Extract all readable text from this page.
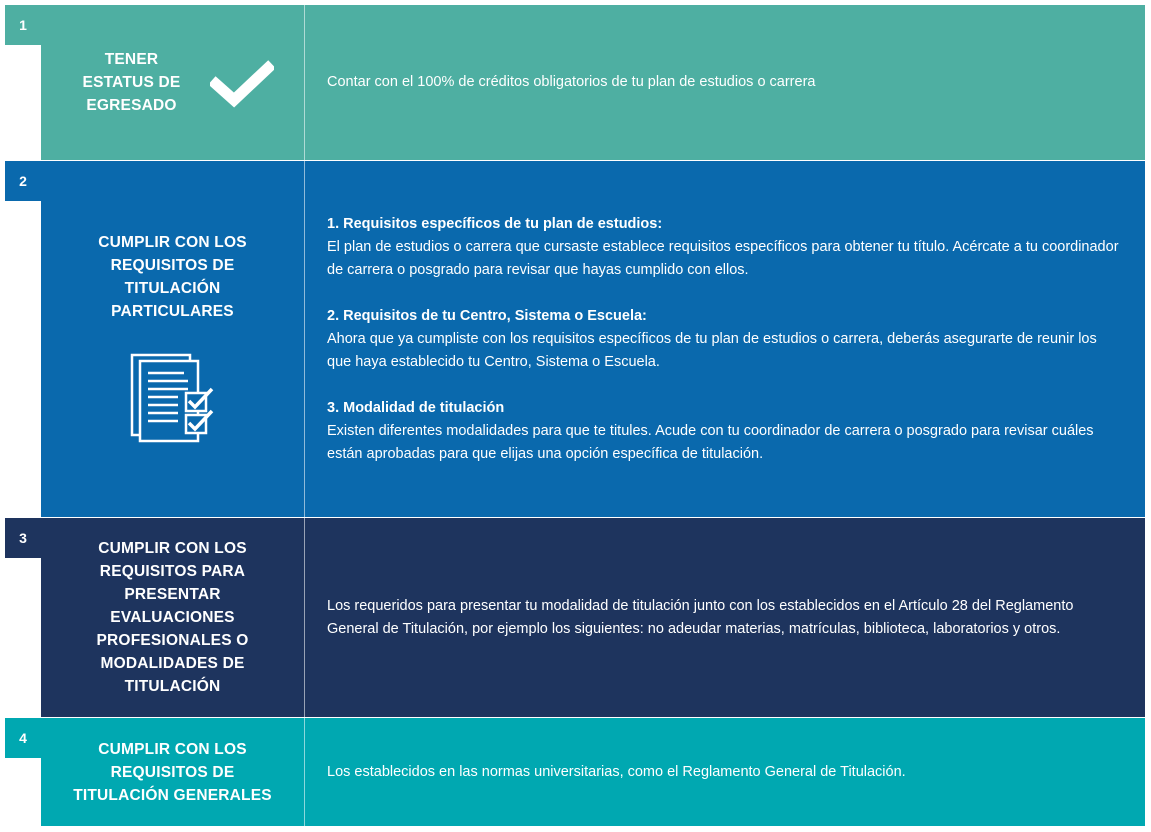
1
2
3
4
TENER
ESTATUS DE
EGRESADO
Contar con el 100% de créditos obligatorios de tu plan de estudios o carrera
CUMPLIR CON LOS
REQUISITOS DE
TITULACIÓN
PARTICULARES
1. Requisitos específicos de tu plan de estudios:
El plan de estudios o carrera que cursaste establece requisitos específicos para obtener tu título. Acércate a tu coordinador de carrera o posgrado para revisar que hayas cumplido con ellos.
2. Requisitos de tu Centro, Sistema o Escuela:
Ahora que ya cumpliste con los requisitos específicos de tu plan de estudios o carrera, deberás asegurarte de reunir los que haya establecido tu Centro, Sistema o Escuela.
3. Modalidad de titulación
Existen diferentes modalidades para que te titules. Acude con tu coordinador de carrera o posgrado para revisar cuáles están aprobadas para que elijas una opción específica de titulación.
CUMPLIR CON LOS
REQUISITOS PARA
PRESENTAR
EVALUACIONES
PROFESIONALES O
MODALIDADES DE
TITULACIÓN
Los requeridos para presentar tu modalidad de titulación junto con los establecidos en el Artículo 28 del Reglamento General de Titulación, por ejemplo los siguientes: no adeudar materias, matrículas, biblioteca, laboratorios y otros.
CUMPLIR CON LOS
REQUISITOS DE
TITULACIÓN GENERALES
Los establecidos en las normas universitarias, como el Reglamento General de Titulación.
